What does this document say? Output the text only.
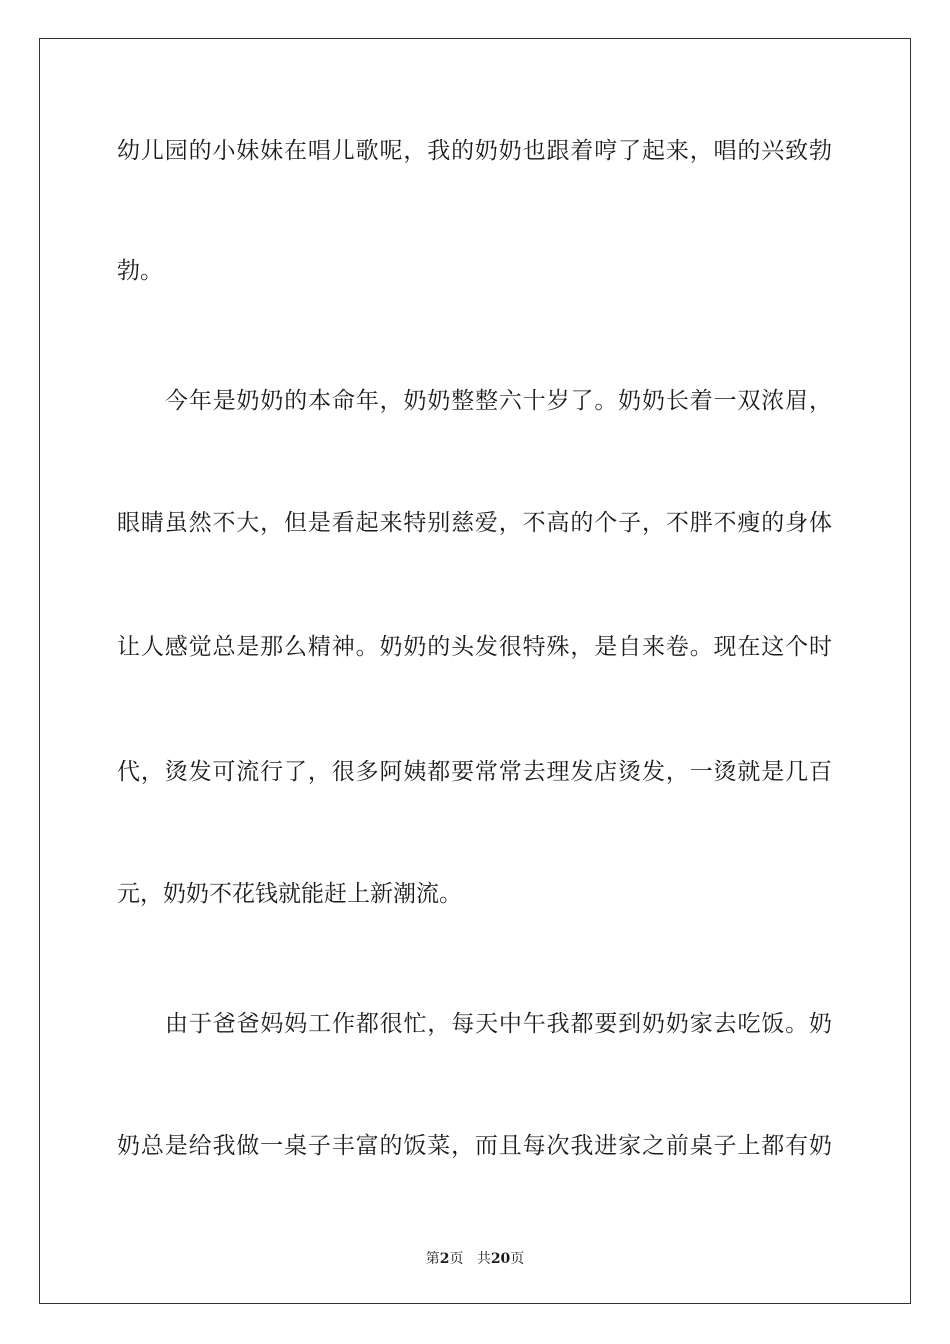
幼儿园的小妹妹在唱儿歌呢，我的奶奶也跟着哼了起来，唱的兴致勃
勃。
今年是奶奶的本命年，奶奶整整六十岁了。奶奶长着一双浓眉，
眼睛虽然不大，但是看起来特别慈爱，不高的个子，不胖不瘦的身体
让人感觉总是那么精神。奶奶的头发很特殊，是自来卷。现在这个时
代，烫发可流行了，很多阿姨都要常常去理发店烫发，一烫就是几百
元，奶奶不花钱就能赶上新潮流。
由于爸爸妈妈工作都很忙，每天中午我都要到奶奶家去吃饭。奶
奶总是给我做一桌子丰富的饭菜，而且每次我进家之前桌子上都有奶
第2页 共20页
